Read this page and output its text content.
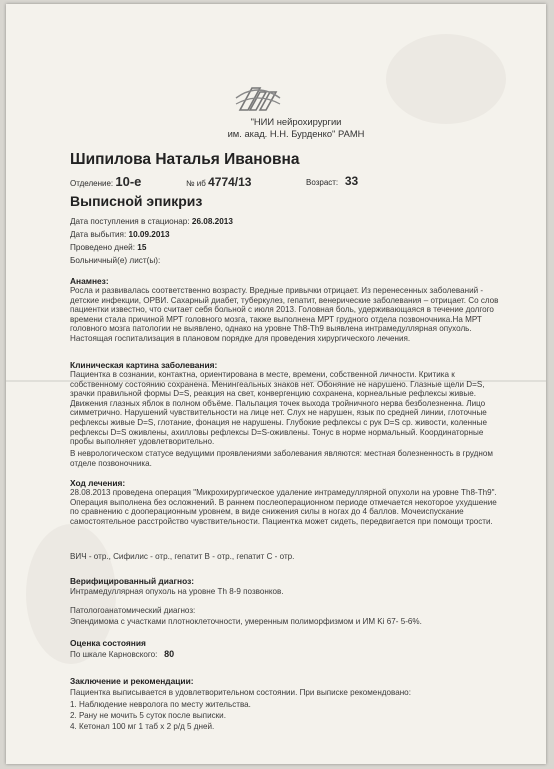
"НИИ нейрохирургии
им. акад. Н.Н. Бурденко" РАМН
Шипилова Наталья Ивановна
Отделение: 10-е	№ иб 4774/13	Возраст: 33
Выписной эпикриз
Дата поступления в стационар: 26.08.2013
Дата выбытия: 10.09.2013
Проведено дней: 15
Больничный(е) лист(ы):
Анамнез:
Росла и развивалась соответственно возрасту. Вредные привычки отрицает. Из перенесенных заболеваний - детские инфекции, ОРВИ. Сахарный диабет, туберкулез, гепатит, венерические заболевания – отрицает. Со слов пациентки известно, что считает себя больной с июля 2013. Головная боль, удерживающаяся в течение долгого времени стала причиной МРТ головного мозга, также выполнена МРТ грудного отдела позвоночника.На МРТ головного мозга патологии не выявлено, однако на уровне Th8-Th9 выявлена интрамедуллярная опухоль. Настоящая госпитализация в плановом порядке для проведения хирургического лечения.
Клиническая картина заболевания:
Пациентка в сознании, контактна, ориентирована в месте, времени, собственной личности. Критика к собственному состоянию сохранена. Менингеальных знаков нет. Обоняние не нарушено. Глазные щели D=S, зрачки правильной формы D=S, реакция на свет, конвергенцию сохранена, корнеальные рефлексы живые. Движения глазных яблок в полном объёме. Пальпация точек выхода тройничного нерва безболезненна. Лицо симметрично. Нарушений чувствительности на лице нет. Слух не нарушен, язык по средней линии, глоточные рефлексы живые D=S, глотание, фонация не нарушены. Глубокие рефлексы с рук D=S ср. живости, коленные рефлексы D=S оживлены, ахилловы рефлексы D=S-оживлены. Тонус в норме нормальный. Координаторные пробы выполняет удовлетворительно.
В неврологическом статусе ведущими проявлениями заболевания являются: местная болезненность в грудном отделе позвоночника.
Ход лечения:
28.08.2013 проведена операция "Микрохирургическое удаление интрамедуллярной опухоли на уровне Th8-Th9". Операция выполнена без осложнений. В раннем послеоперационном периоде отмечается некоторое ухудшение по сравнению с дооперационным уровнем, в виде снижения силы в ногах до 4 баллов. Мочеиспускание самостоятельное расстройство чувствительности. Пациентка может сидеть, передвигается при помощи трости.
ВИЧ - отр., Сифилис - отр., гепатит В - отр., гепатит С - отр.
Верифицированный диагноз:
Интрамедуллярная опухоль на уровне Th 8-9 позвонков.
Патологоанатомический диагноз:
Эпендимома с участками плотноклеточности, умеренным полиморфизмом и ИМ Ki 67- 5-6%.
Оценка состояния
По шкале Карновского: 80
Заключение и рекомендации:
Пациентка выписывается в удовлетворительном состоянии. При выписке рекомендовано:
1. Наблюдение невролога по месту жительства.
2. Рану не мочить 5 суток после выписки.
4. Кетонал 100 мг 1 таб х 2 р/д 5 дней.
